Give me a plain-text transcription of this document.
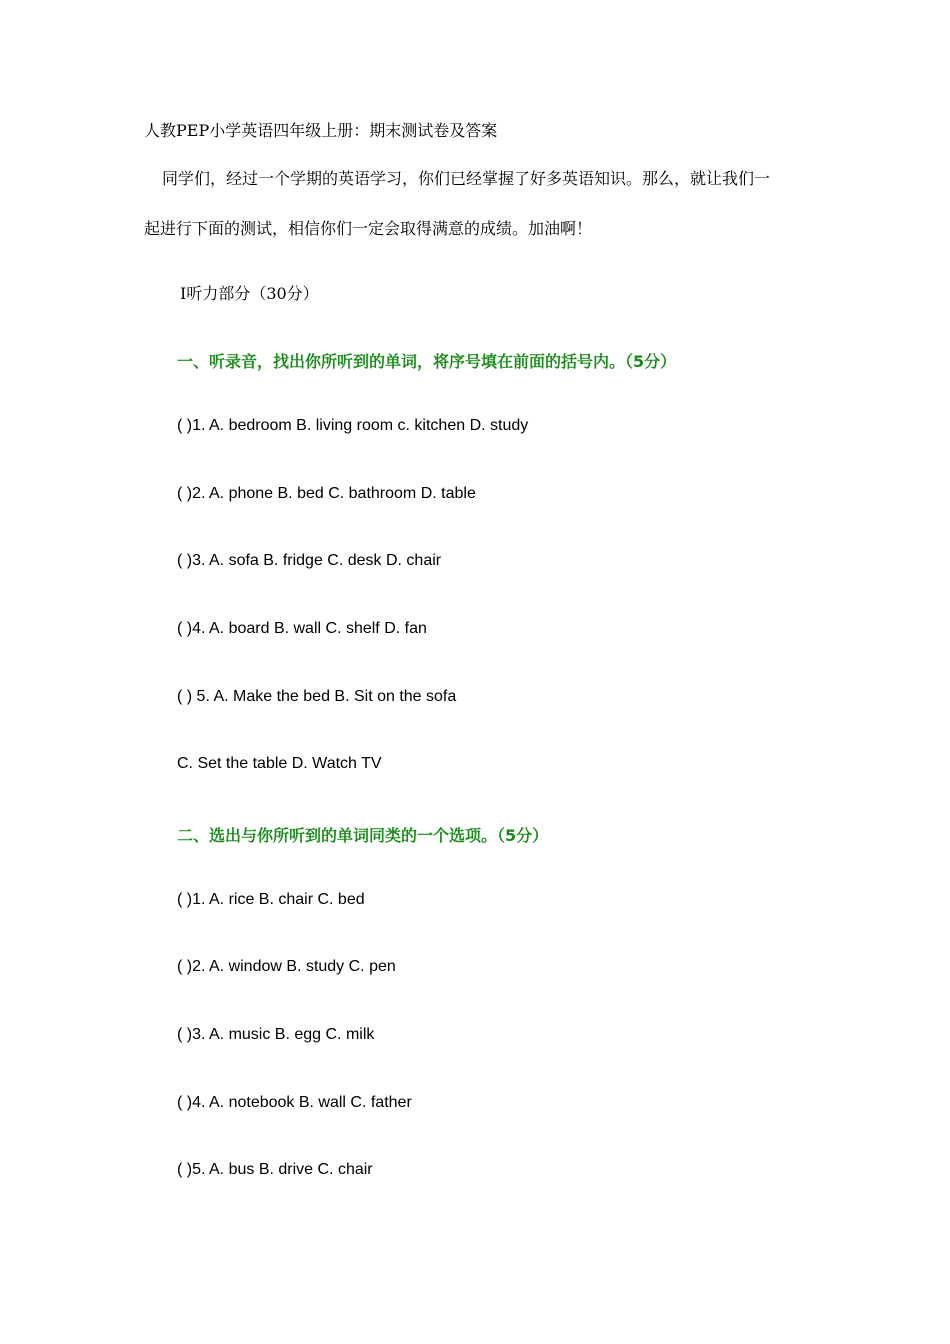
人教PEP小学英语四年级上册：期末测试卷及答案
同学们，经过一个学期的英语学习，你们已经掌握了好多英语知识。那么，就让我们一
起进行下面的测试，相信你们一定会取得满意的成绩。加油啊！
Ⅰ听力部分（30分）
一、听录音，找出你所听到的单词，将序号填在前面的括号内。（5分）
( )1. A. bedroom B. living room c. kitchen D. study
( )2. A. phone B. bed C. bathroom D. table
( )3. A. sofa B. fridge C. desk D. chair
( )4. A. board B. wall C. shelf D. fan
( ) 5. A. Make the bed B. Sit on the sofa
C. Set the table D. Watch TV
二、选出与你所听到的单词同类的一个选项。（5分）
( )1. A. rice B. chair C. bed
( )2. A. window B. study C. pen
( )3. A. music B. egg C. milk
( )4. A. notebook B. wall C. father
( )5. A. bus B. drive C. chair
